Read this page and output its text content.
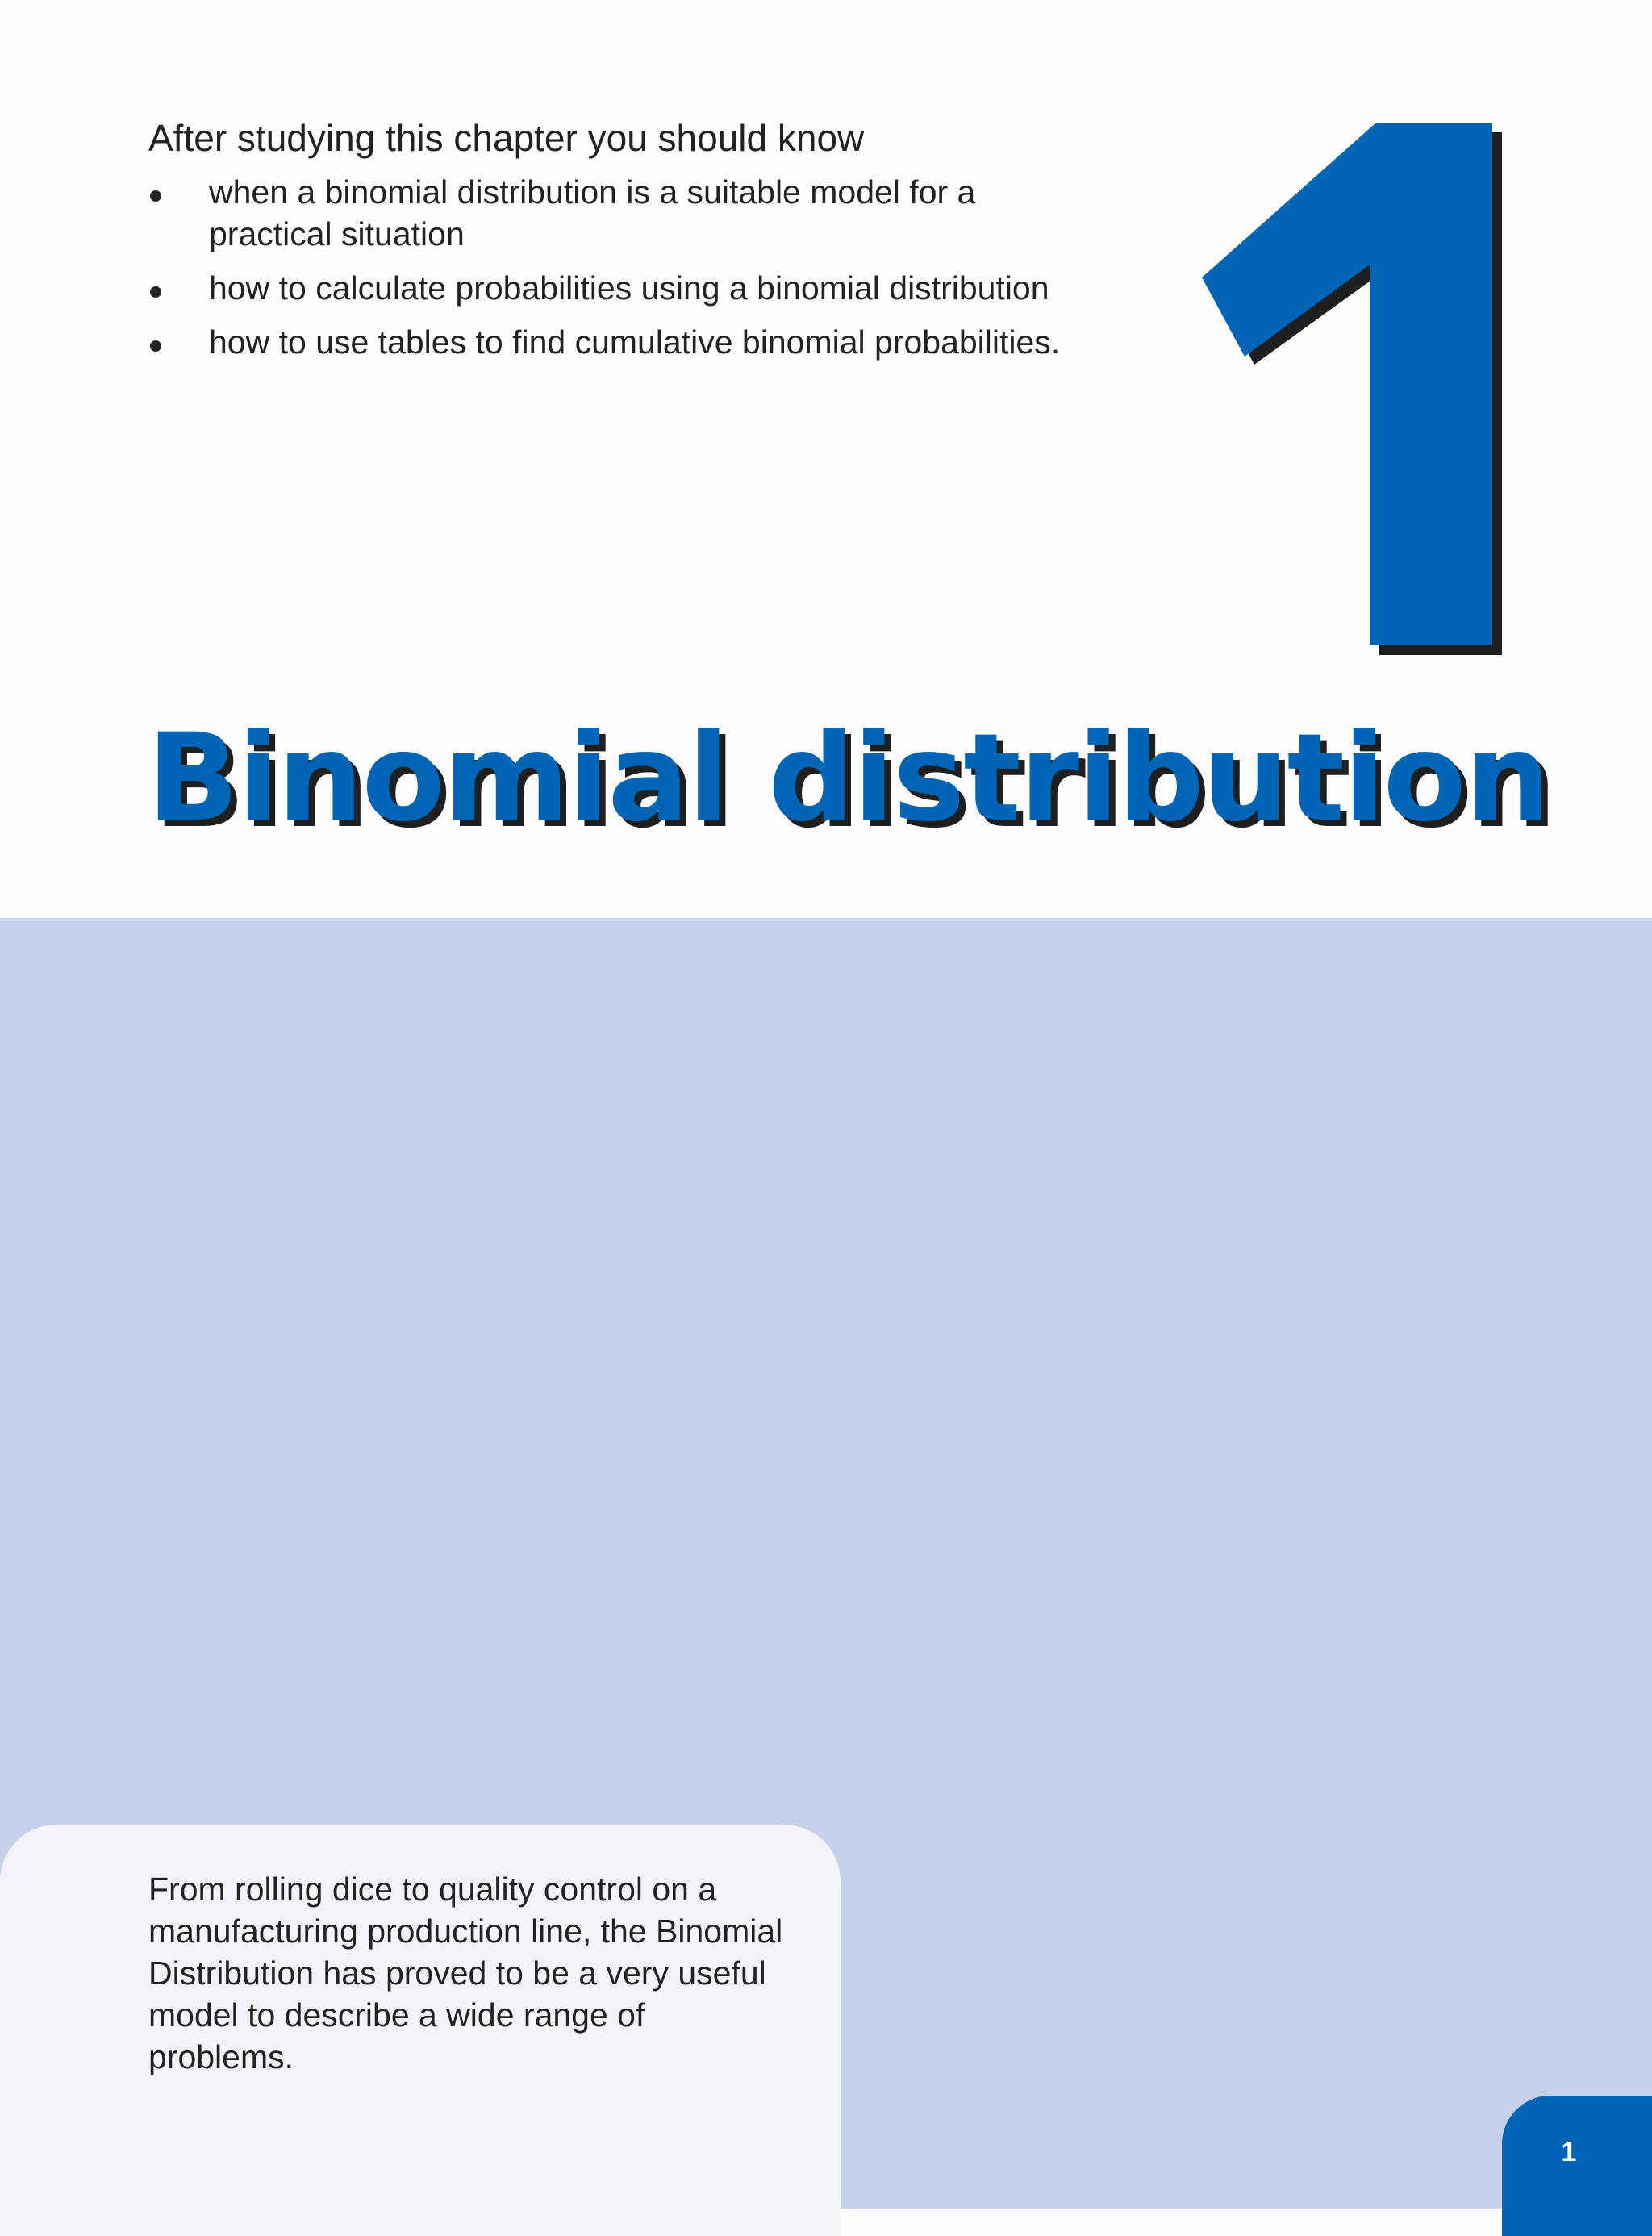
After studying this chapter you should know

when a binomial distribution is a suitable model for a practical situation
how to calculate probabilities using a binomial distribution
how to use tables to find cumulative binomial probabilities.
Binomial distribution

From rolling dice to quality control on a manufacturing production line, the Binomial Distribution has proved to be a very useful model to describe a wide range of problems.

1
